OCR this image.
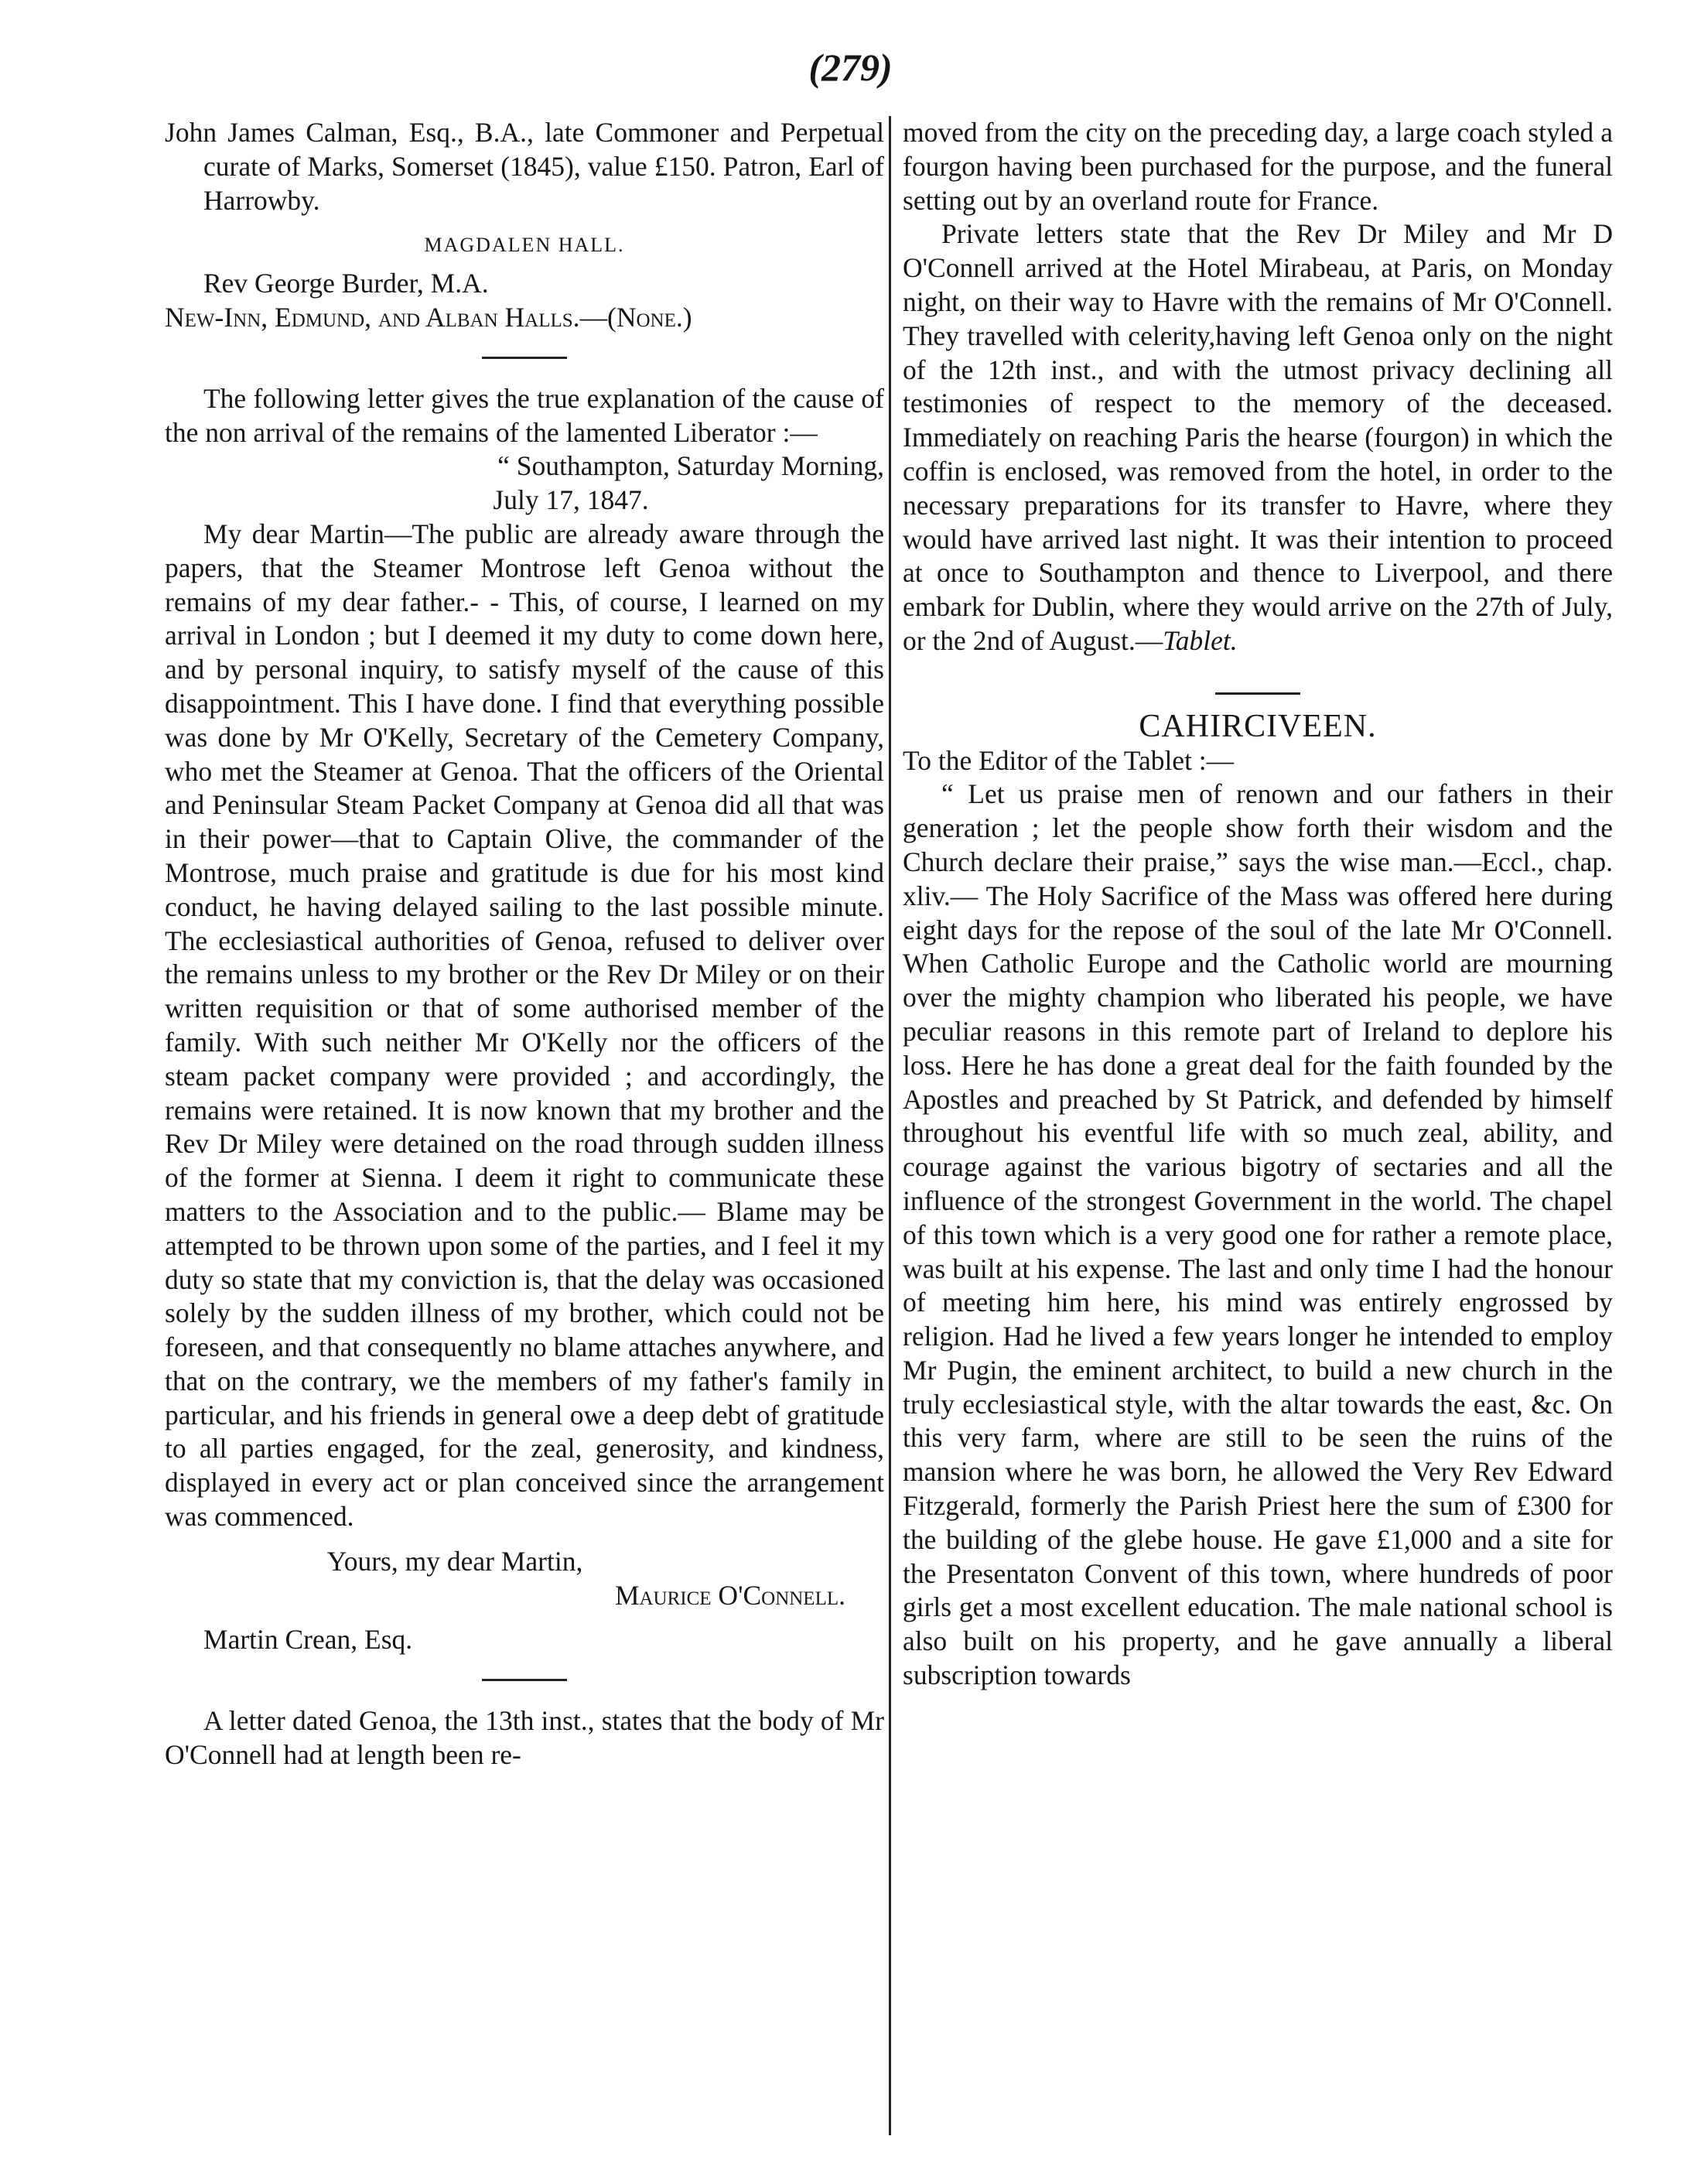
(279)

John James Calman, Esq., B.A., late Commoner and Perpetual curate of Marks, Somerset (1845), value £150. Patron, Earl of Harrowby.

MAGDALEN HALL.

Rev George Burder, M.A.

New-Inn, Edmund, and Alban Halls.—(None.)

The following letter gives the true explanation of the cause of the non arrival of the remains of the lamented Liberator :—

“ Southampton, Saturday Morning,

July 17, 1847.

My dear Martin—The public are already aware through the papers, that the Steamer Montrose left Genoa without the remains of my dear father.- - This, of course, I learned on my arrival in London ; but I deemed it my duty to come down here, and by personal inquiry, to satisfy myself of the cause of this disappointment. This I have done. I find that everything possible was done by Mr O'Kelly, Secretary of the Cemetery Company, who met the Steamer at Genoa. That the officers of the Oriental and Peninsular Steam Packet Company at Genoa did all that was in their power—that to Captain Olive, the commander of the Montrose, much praise and gratitude is due for his most kind conduct, he having delayed sailing to the last possible minute. The ecclesiastical authorities of Genoa, refused to deliver over the remains unless to my brother or the Rev Dr Miley or on their written requisition or that of some authorised member of the family. With such neither Mr O'Kelly nor the officers of the steam packet company were provided ; and accordingly, the remains were retained. It is now known that my brother and the Rev Dr Miley were detained on the road through sudden illness of the former at Sienna. I deem it right to communicate these matters to the Association and to the public.— Blame may be attempted to be thrown upon some of the parties, and I feel it my duty so state that my conviction is, that the delay was occasioned solely by the sudden illness of my brother, which could not be foreseen, and that consequently no blame attaches anywhere, and that on the contrary, we the members of my father's family in particular, and his friends in general owe a deep debt of gratitude to all parties engaged, for the zeal, generosity, and kindness, displayed in every act or plan conceived since the arrangement was commenced.

Yours, my dear Martin,

Maurice O'Connell.

Martin Crean, Esq.

A letter dated Genoa, the 13th inst., states that the body of Mr O'Connell had at length been re-

moved from the city on the preceding day, a large coach styled a fourgon having been purchased for the purpose, and the funeral setting out by an overland route for France.

Private letters state that the Rev Dr Miley and Mr D O'Connell arrived at the Hotel Mirabeau, at Paris, on Monday night, on their way to Havre with the remains of Mr O'Connell. They travelled with celerity,having left Genoa only on the night of the 12th inst., and with the utmost privacy declining all testimonies of respect to the memory of the deceased. Immediately on reaching Paris the hearse (fourgon) in which the coffin is enclosed, was removed from the hotel, in order to the necessary preparations for its transfer to Havre, where they would have arrived last night. It was their intention to proceed at once to Southampton and thence to Liverpool, and there embark for Dublin, where they would arrive on the 27th of July, or the 2nd of August.—Tablet.

CAHIRCIVEEN.

To the Editor of the Tablet :—

“ Let us praise men of renown and our fathers in their generation ; let the people show forth their wisdom and the Church declare their praise,” says the wise man.—Eccl., chap. xliv.— The Holy Sacrifice of the Mass was offered here during eight days for the repose of the soul of the late Mr O'Connell. When Catholic Europe and the Catholic world are mourning over the mighty champion who liberated his people, we have peculiar reasons in this remote part of Ireland to deplore his loss. Here he has done a great deal for the faith founded by the Apostles and preached by St Patrick, and defended by himself throughout his eventful life with so much zeal, ability, and courage against the various bigotry of sectaries and all the influence of the strongest Government in the world. The chapel of this town which is a very good one for rather a remote place, was built at his expense. The last and only time I had the honour of meeting him here, his mind was entirely engrossed by religion. Had he lived a few years longer he intended to employ Mr Pugin, the eminent architect, to build a new church in the truly ecclesiastical style, with the altar towards the east, &c. On this very farm, where are still to be seen the ruins of the mansion where he was born, he allowed the Very Rev Edward Fitzgerald, formerly the Parish Priest here the sum of £300 for the building of the glebe house. He gave £1,000 and a site for the Presentaton Convent of this town, where hundreds of poor girls get a most excellent education. The male national school is also built on his property, and he gave annually a liberal subscription towards
